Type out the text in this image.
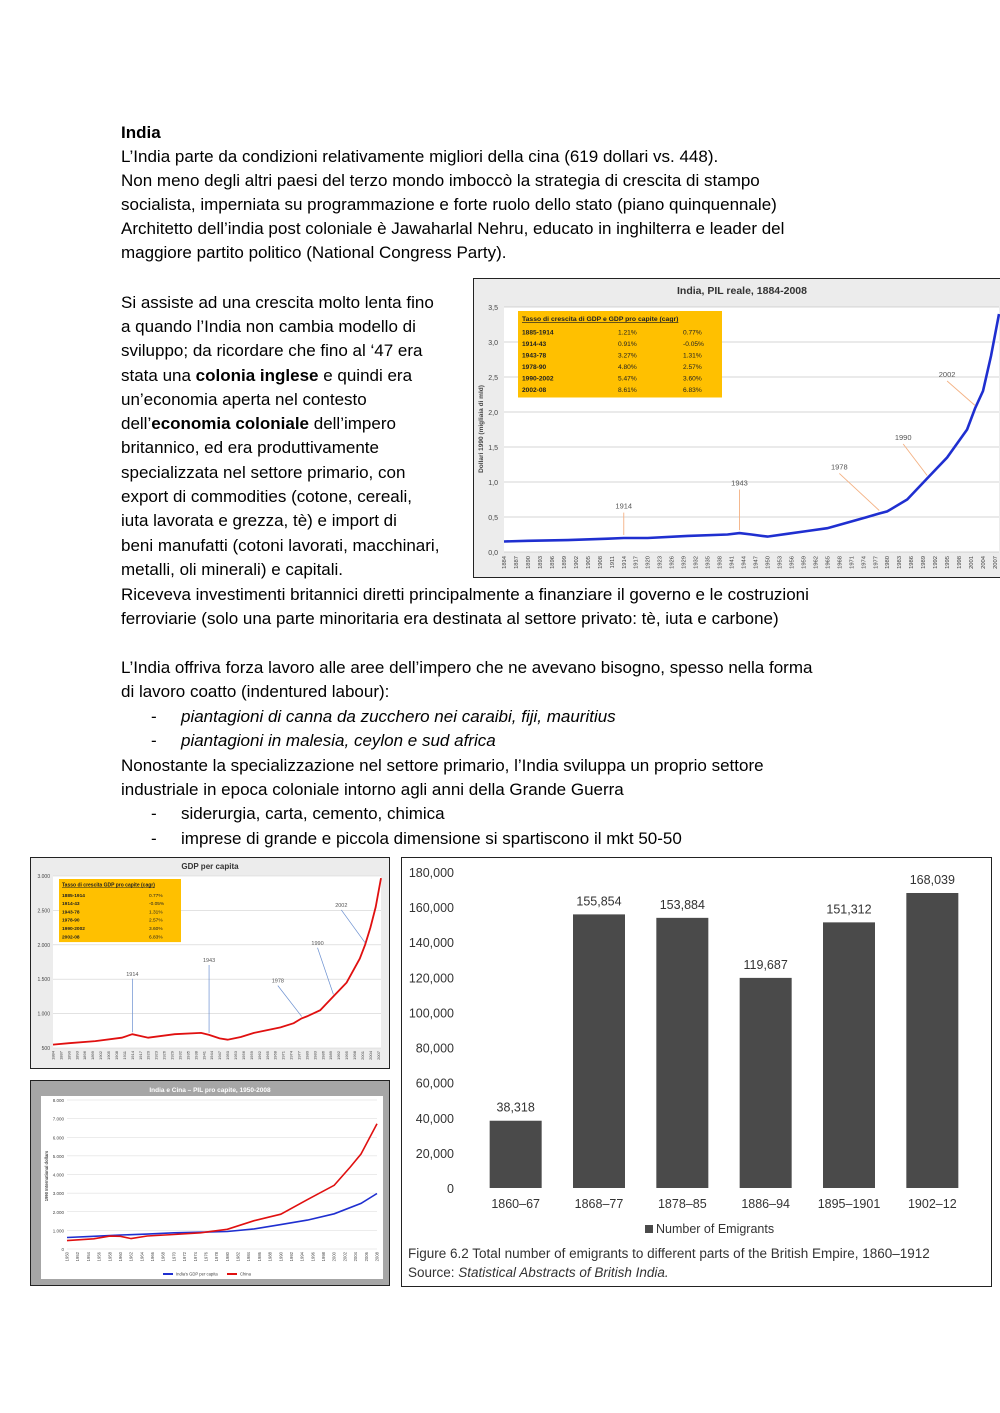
India
L’India parte da condizioni relativamente migliori della cina (619 dollari vs. 448).
Non meno degli altri paesi del terzo mondo imboccò la strategia di crescita di stampo
socialista, imperniata su programmazione e forte ruolo dello stato (piano quinquennale)
Architetto dell’india post coloniale è Jawaharlal Nehru, educato in inghilterra e leader del
maggiore partito politico (National Congress Party).
Si assiste ad una crescita molto lenta fino
a quando l’India non cambia modello di
sviluppo; da ricordare che fino al ‘47 era
stata una colonia inglese e quindi era
un’economia aperta nel contesto
dell’economia coloniale dell’impero
britannico, ed era produttivamente
specializzata nel settore primario, con
export di commodities (cotone, cereali,
iuta lavorata e grezza, tè) e import di
beni manufatti (cotoni lavorati, macchinari,
metalli, oli minerali) e capitali.
Riceveva investimenti britannici diretti principalmente a finanziare il governo e le costruzioni
ferroviarie (solo una parte minoritaria era destinata al settore privato: tè, iuta e carbone)
L’India offriva forza lavoro alle aree dell’impero che ne avevano bisogno, spesso nella forma
di lavoro coatto (indentured labour):
- piantagioni di canna da zucchero nei caraibi, fiji, mauritius
- piantagioni in malesia, ceylon e sud africa
Nonostante la specializzazione nel settore primario, l’India sviluppa un proprio settore
industriale in epoca coloniale intorno agli anni della Grande Guerra
- siderurgia, carta, cemento, chimica
- imprese di grande e piccola dimensione si spartiscono il mkt 50-50
India, PIL reale, 1884-2008
0,0
0,5
1,0
1,5
2,0
2,5
3,0
3,5
Dollari 1990 (migliaia di mld)
1884 1887 1890 1893 1896 1899 1902 1905 1908 1911 1914 1917 1920 1923 1926 1929 1932 1935 1938 1941 1944 1947 1950 1953 1956 1959 1962 1965 1968 1971 1974 1977 1980 1983 1986 1989 1992 1995 1998 2001 2004 2007
1914
1943
1978
1990
2002
Tasso di crescita di GDP e GDP pro capite (cagr)
1885-1914	1.21%	0.77%
1914-43	0.91%	-0.05%
1943-78	3.27%	1.31%
1978-90	4.80%	2.57%
1990-2002	5.47%	3.60%
2002-08	8.61%	6.83%
GDP per capita
500
1.000
1.500
2.000
2.500
3.000
1884 1887 1890 1893 1896 1899 1902 1905 1908 1911 1914 1917 1920 1923 1926 1929 1932 1935 1938 1941 1944 1947 1950 1953 1956 1959 1962 1965 1968 1971 1974 1977 1980 1983 1986 1989 1992 1995 1998 2001 2004 2007
1914
1943
1978
1990
2002
Tasso di crescita GDP pro capite (cagr)
1885-1914	0.77%
1914-43	-0.05%
1943-78	1.31%
1978-90	2.57%
1990-2002	3.60%
2002-08	6.83%
India e Cina – PIL pro capite, 1950-2008
0
1.000
2.000
3.000
4.000
5.000
6.000
7.000
8.000
1990 International dollars
1950 1952 1954 1956 1958 1960 1962 1964 1966 1968 1970 1972 1974 1976 1978 1980 1982 1984 1986 1988 1990 1992 1994 1996 1998 2000 2002 2004 2006 2008
India's GDP per capita	China
0
20,000
40,000
60,000
80,000
100,000
120,000
140,000
160,000
180,000
38,318
1860–67
155,854
1868–77
153,884
1878–85
119,687
1886–94
151,312
1895–1901
168,039
1902–12
Number of Emigrants
Figure 6.2 Total number of emigrants to different parts of the British Empire, 1860–1912
Source: Statistical Abstracts of British India.
